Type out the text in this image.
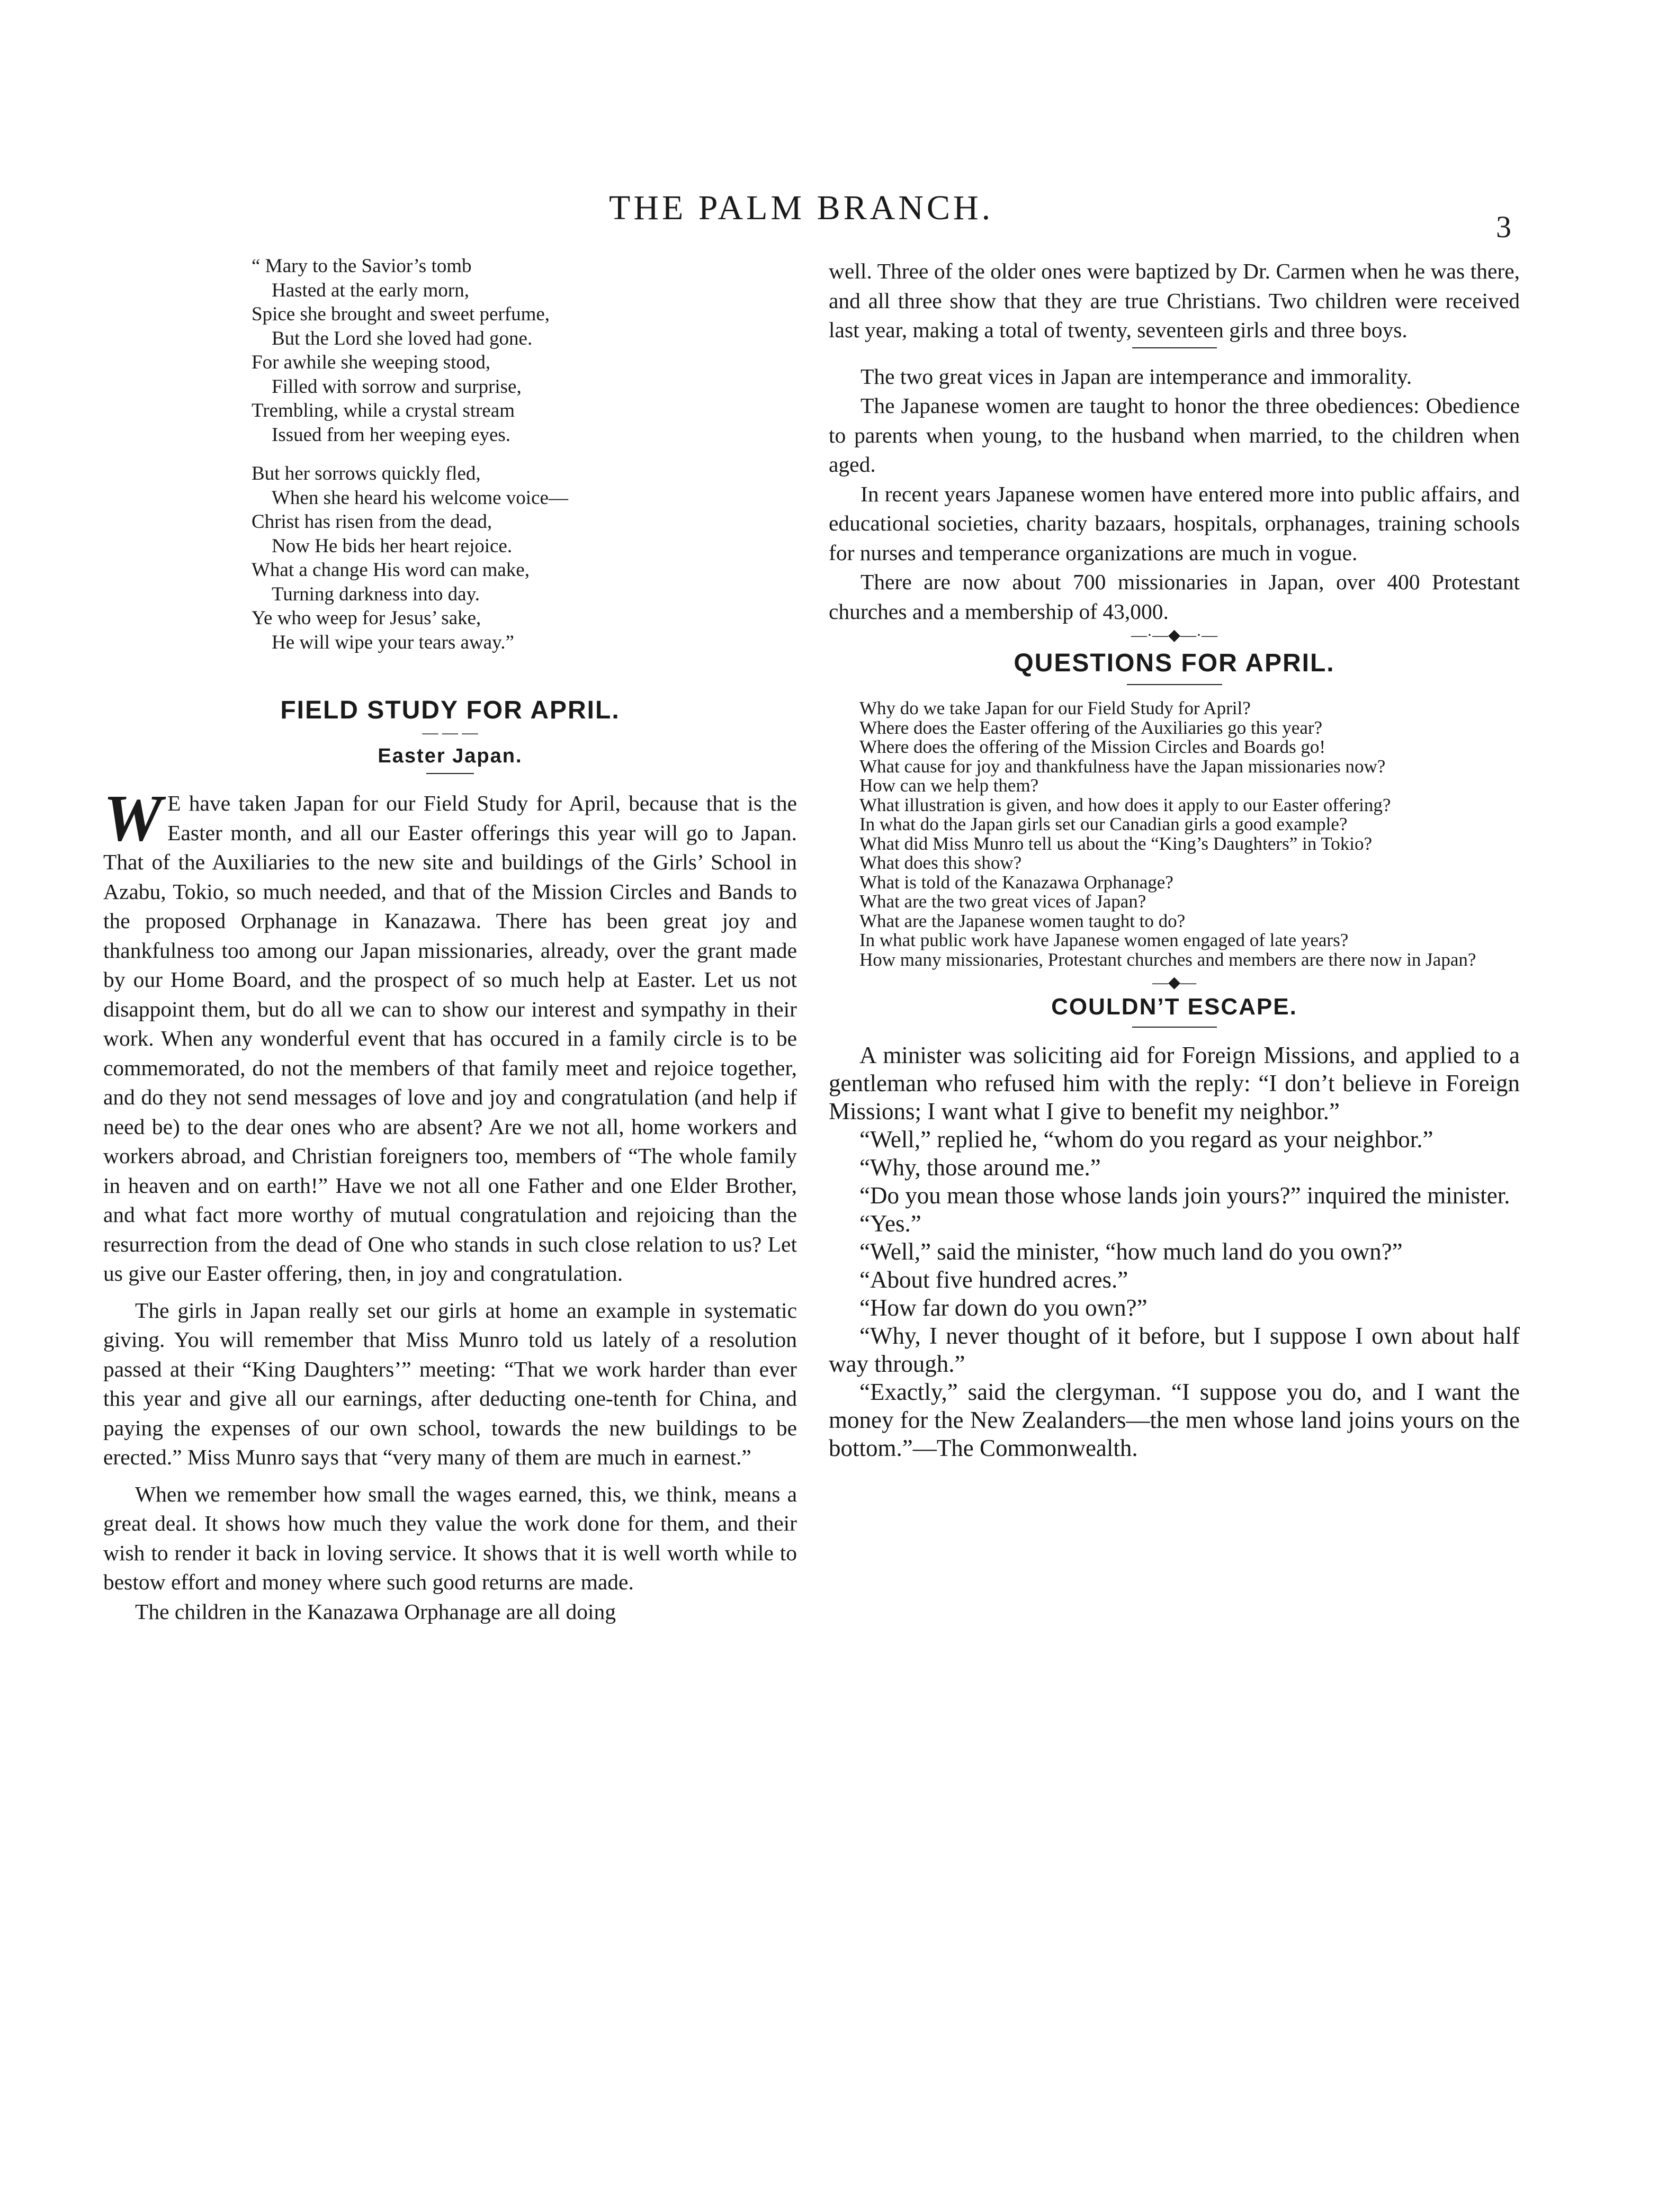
THE PALM BRANCH.	3
“ Mary to the Savior’s tomb
Hasted at the early morn,
Spice she brought and sweet perfume,
But the Lord she loved had gone.
For awhile she weeping stood,
Filled with sorrow and surprise,
Trembling, while a crystal stream
Issued from her weeping eyes.
But her sorrows quickly fled,
When she heard his welcome voice—
Christ has risen from the dead,
Now He bids her heart rejoice.
What a change His word can make,
Turning darkness into day.
Ye who weep for Jesus’ sake,
He will wipe your tears away.”
FIELD STUDY FOR APRIL.
— — —
Easter Japan.

W E have taken Japan for our Field Study for April, because that is the Easter month, and all our Easter offerings this year will go to Japan. That of the Auxiliaries to the new site and buildings of the Girls’ School in Azabu, Tokio, so much needed, and that of the Mission Circles and Bands to the proposed Orphanage in Kanazawa. There has been great joy and thankfulness too among our Japan missionaries, already, over the grant made by our Home Board, and the prospect of so much help at Easter. Let us not disappoint them, but do all we can to show our interest and sympathy in their work. When any wonderful event that has occured in a family circle is to be commemorated, do not the members of that family meet and rejoice together, and do they not send messages of love and joy and congratulation (and help if need be) to the dear ones who are absent? Are we not all, home workers and workers abroad, and Christian foreigners too, members of “The whole family in heaven and on earth!” Have we not all one Father and one Elder Brother, and what fact more worthy of mutual congratulation and rejoicing than the resurrection from the dead of One who stands in such close relation to us? Let us give our Easter offering, then, in joy and congratulation.

The girls in Japan really set our girls at home an example in systematic giving. You will remember that Miss Munro told us lately of a resolution passed at their “King Daughters’” meeting: “That we work harder than ever this year and give all our earnings, after deducting one-tenth for China, and paying the expenses of our own school, towards the new buildings to be erected.” Miss Munro says that “very many of them are much in earnest.”

When we remember how small the wages earned, this, we think, means a great deal. It shows how much they value the work done for them, and their wish to render it back in loving service. It shows that it is well worth while to bestow effort and money where such good returns are made.

The children in the Kanazawa Orphanage are all doing

well. Three of the older ones were baptized by Dr. Carmen when he was there, and all three show that they are true Christians. Two children were received last year, making a total of twenty, seventeen girls and three boys.

The two great vices in Japan are intemperance and immorality.

The Japanese women are taught to honor the three obediences: Obedience to parents when young, to the husband when married, to the children when aged.

In recent years Japanese women have entered more into public affairs, and educational societies, charity bazaars, hospitals, orphanages, training schools for nurses and temperance organizations are much in vogue.

There are now about 700 missionaries in Japan, over 400 Protestant churches and a membership of 43,000.

—·—◆—·—
QUESTIONS FOR APRIL.
Why do we take Japan for our Field Study for April?
Where does the Easter offering of the Auxiliaries go this year?
Where does the offering of the Mission Circles and Boards go!
What cause for joy and thankfulness have the Japan missionaries now?
How can we help them?
What illustration is given, and how does it apply to our Easter offering?
In what do the Japan girls set our Canadian girls a good example?
What did Miss Munro tell us about the “King’s Daughters” in Tokio?
What does this show?
What is told of the Kanazawa Orphanage?
What are the two great vices of Japan?
What are the Japanese women taught to do?
In what public work have Japanese women engaged of late years?
How many missionaries, Protestant churches and members are there now in Japan?
—◆—
COULDN’T ESCAPE.

A minister was soliciting aid for Foreign Missions, and applied to a gentleman who refused him with the reply: “I don’t believe in Foreign Missions; I want what I give to benefit my neighbor.”

“Well,” replied he, “whom do you regard as your neighbor.”

“Why, those around me.”

“Do you mean those whose lands join yours?” inquired the minister.

“Yes.”

“Well,” said the minister, “how much land do you own?”

“About five hundred acres.”

“How far down do you own?”

“Why, I never thought of it before, but I suppose I own about half way through.”

“Exactly,” said the clergyman. “I suppose you do, and I want the money for the New Zealanders—the men whose land joins yours on the bottom.”—The Commonwealth.
